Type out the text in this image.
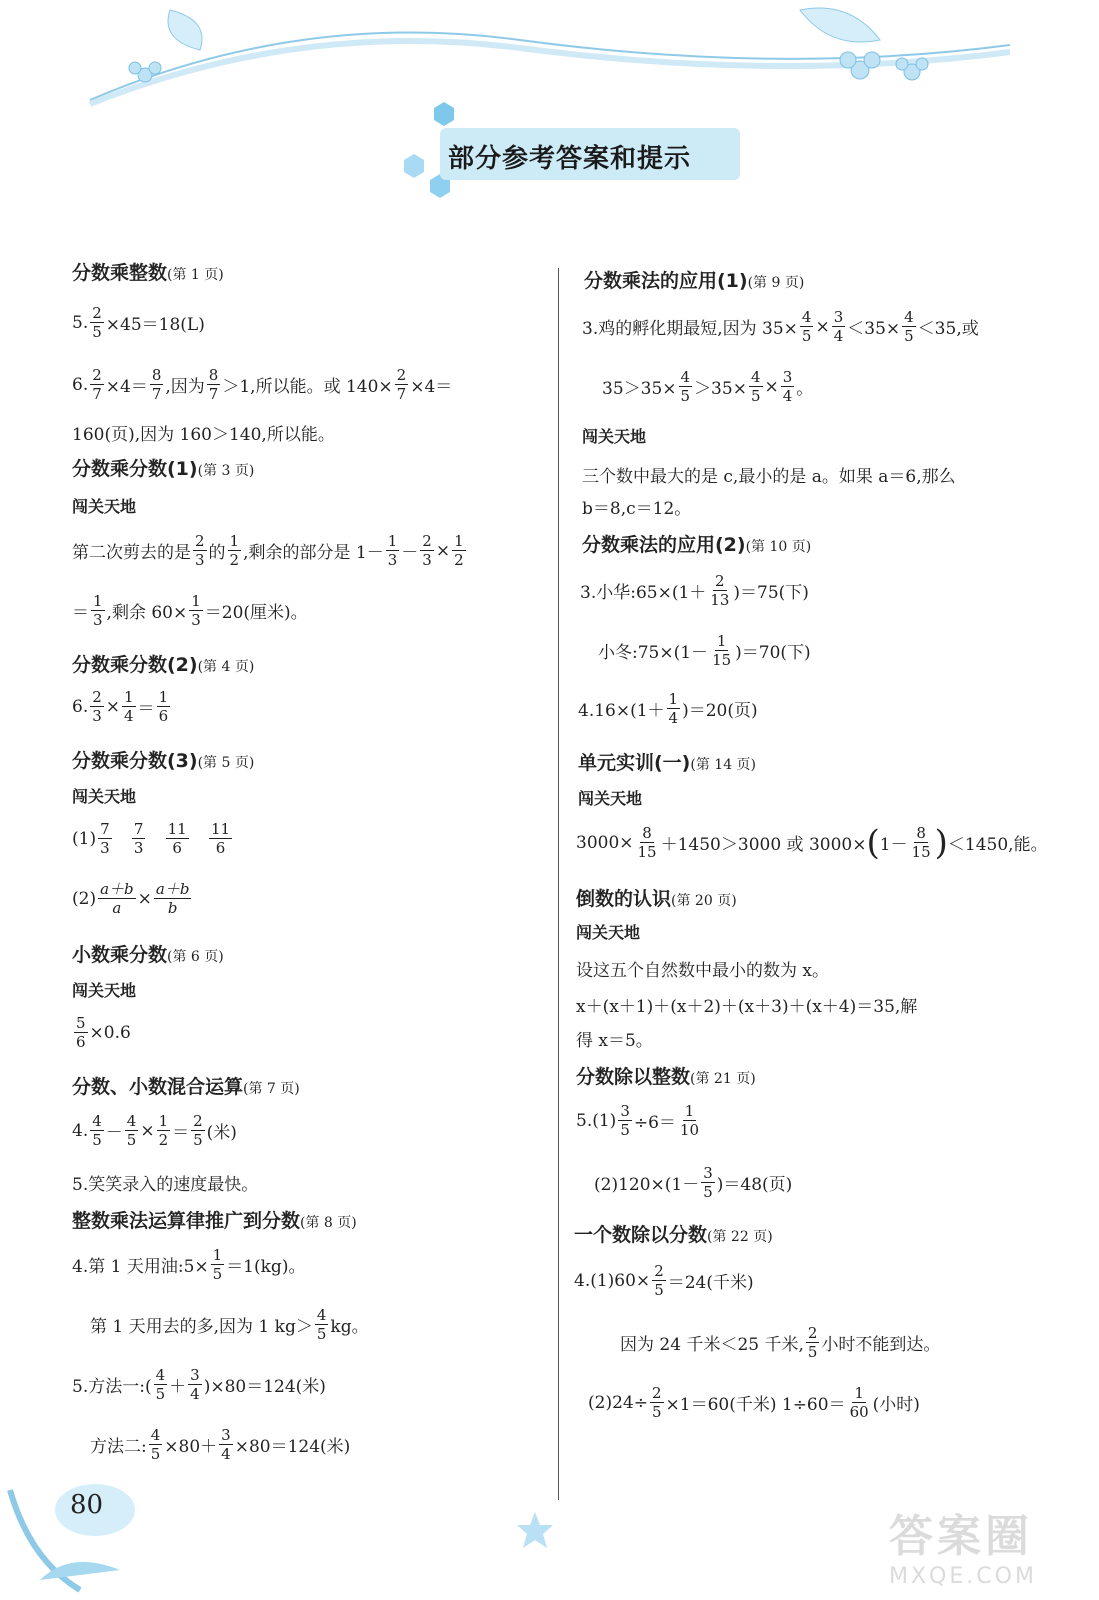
部分参考答案和提示
分数乘整数(第 1 页)
5. $\frac{2}{5} \times 45=18(L)$
6. $\frac{2}{7} \times 4= \frac{8}{7}$ ,因为 $\frac{8}{7} >1$,所以能。或 $140\times \frac{2}{7} \times 4=$
160(页),因为 160＞140,所以能。
分数乘分数(1)(第 3 页)
闯关天地
第二次剪去的是 $\frac{2}{3}$ 的 $\frac{1}{2}$ ,剩余的部分是 $1- \frac{1}{3} - \frac{2}{3} \times \frac{1}{2}$
＝ $\frac{1}{3}$ ,剩余 $60\times \frac{1}{3} =20$(厘米)。
分数乘分数(2)(第 4 页)
6. $\frac{2}{3} \times \frac{1}{4} = \frac{1}{6}$
分数乘分数(3)(第 5 页)
闯关天地
$(1) \frac{7}{3}$
$\frac{7}{3}$
$\frac{11}{6}$
$\frac{11}{6}$
$(2) \frac{a+b}{a} \times \frac{a+b}{b}$
小数乘分数(第 6 页)
闯关天地
$\frac{5}{6} \times 0.6$
分数、小数混合运算(第 7 页)
4. $\frac{4}{5} - \frac{4}{5} \times \frac{1}{2} = \frac{2}{5}$ (米)
5.笑笑录入的速度最快。
整数乘法运算律推广到分数(第 8 页)
4.第 1 天用油:5× $\frac{1}{5} =1(kg)$。
第 1 天用去的多,因为 1 $kg> \frac{4}{5}$ kg。
5.方法一:( $\frac{4}{5} + \frac{3}{4} )\times 80=124$(米)
方法二: $\frac{4}{5} \times 80+ \frac{3}{4} \times 80=124$(米)
分数乘法的应用(1)(第 9 页)
3.鸡的孵化期最短,因为 $35\times \frac{4}{5} \times \frac{3}{4} <35\times \frac{4}{5} <35$,或
$35>35\times \frac{4}{5} >35\times \frac{4}{5} \times \frac{3}{4}$ 。
闯关天地
三个数中最大的是 c,最小的是 a。如果 a＝6,那么
b＝8,c＝12。
分数乘法的应用(2)(第 10 页)
3.小华:65×(1＋ $\frac{2}{13} )=75$(下)
小冬:75×(1－ $\frac{1}{15} )=70$(下)
$4.16\times(1+ \frac{1}{4} )=20$(页)
单元实训(一)(第 14 页)
闯关天地
$3000\times \frac{8}{15} +1450>3000$ 或 3000× ( $1- \frac{8}{15}$ ) ＜1450,能。
倒数的认识(第 20 页)
闯关天地
设这五个自然数中最小的数为 x。
x＋(x＋1)＋(x＋2)＋(x＋3)＋(x＋4)＝35,解
得 x＝5。
分数除以整数(第 21 页)
$5.(1) \frac{3}{5} \div 6= \frac{1}{10}$
$(2)120\times(1- \frac{3}{5} )=48$(页)
一个数除以分数(第 22 页)
$4.(1)60\times \frac{2}{5} =24$(千米)
因为 24 千米＜25 千米, $\frac{2}{5}$ 小时不能到达。
$(2)24\div \frac{2}{5} \times 1=60$(千米) $1\div 60= \frac{1}{60}$ (小时)
80
答案圈
MXQE.COM
